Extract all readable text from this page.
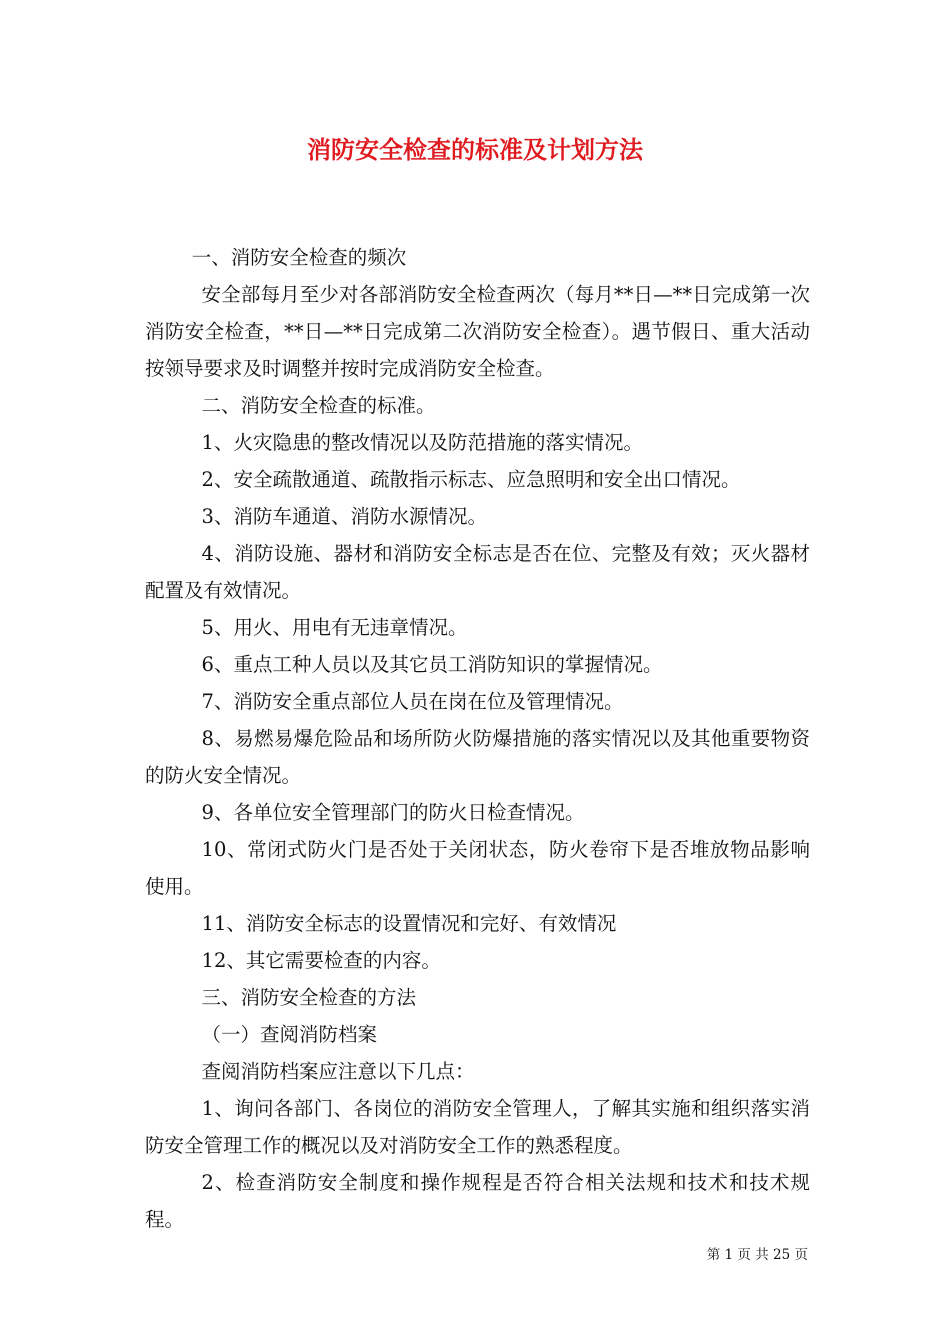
消防安全检查的标准及计划方法

一、消防安全检查的频次

安全部每月至少对各部消防安全检查两次（每月**日—**日完成第一次消防安全检查，**日—**日完成第二次消防安全检查）。遇节假日、重大活动按领导要求及时调整并按时完成消防安全检查。

二、消防安全检查的标准。

1、火灾隐患的整改情况以及防范措施的落实情况。

2、安全疏散通道、疏散指示标志、应急照明和安全出口情况。

3、消防车通道、消防水源情况。

4、消防设施、器材和消防安全标志是否在位、完整及有效；灭火器材配置及有效情况。

5、用火、用电有无违章情况。

6、重点工种人员以及其它员工消防知识的掌握情况。

7、消防安全重点部位人员在岗在位及管理情况。

8、易燃易爆危险品和场所防火防爆措施的落实情况以及其他重要物资的防火安全情况。

9、各单位安全管理部门的防火日检查情况。

10、常闭式防火门是否处于关闭状态，防火卷帘下是否堆放物品影响使用。

11、消防安全标志的设置情况和完好、有效情况

12、其它需要检查的内容。

三、消防安全检查的方法

（一）查阅消防档案

查阅消防档案应注意以下几点：

1、询问各部门、各岗位的消防安全管理人，了解其实施和组织落实消防安全管理工作的概况以及对消防安全工作的熟悉程度。

2、检查消防安全制度和操作规程是否符合相关法规和技术和技术规程。

第 1 页 共 25 页
